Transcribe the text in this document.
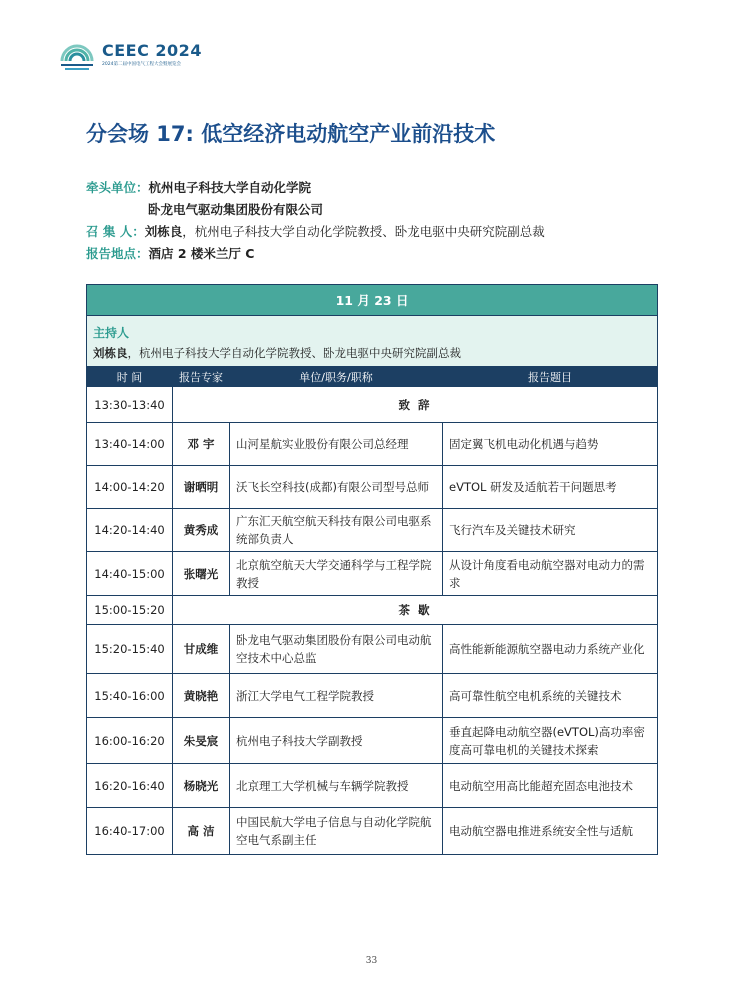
CEEC 2024
2024第二届中国电气工程大会暨展览会
分会场 17: 低空经济电动航空产业前沿技术
牵头单位：杭州电子科技大学自动化学院
卧龙电气驱动集团股份有限公司
召 集 人：刘栋良，杭州电子科技大学自动化学院教授、卧龙电驱中央研究院副总裁
报告地点：酒店 2 楼米兰厅 C
11 月 23 日			

主持人
刘栋良，杭州电子科技大学自动化学院教授、卧龙电驱中央研究院副总裁			

时 间	报告专家	单位/职务/职称	报告题目
13:30-13:40	致 辞		
13:40-14:00	邓 宇	山河星航实业股份有限公司总经理	固定翼飞机电动化机遇与趋势
14:00-14:20	谢晒明	沃飞长空科技(成都)有限公司型号总师	eVTOL 研发及适航若干问题思考
14:20-14:40	黄秀成	广东汇天航空航天科技有限公司电驱系统部负责人	飞行汽车及关键技术研究
14:40-15:00	张曙光	北京航空航天大学交通科学与工程学院教授	从设计角度看电动航空器对电动力的需求
15:00-15:20	茶 歇		
15:20-15:40	甘成维	卧龙电气驱动集团股份有限公司电动航空技术中心总监	高性能新能源航空器电动力系统产业化
15:40-16:00	黄晓艳	浙江大学电气工程学院教授	高可靠性航空电机系统的关键技术
16:00-16:20	朱旻宸	杭州电子科技大学副教授	垂直起降电动航空器(eVTOL)高功率密度高可靠电机的关键技术探索
16:20-16:40	杨晓光	北京理工大学机械与车辆学院教授	电动航空用高比能超充固态电池技术
16:40-17:00	高 洁	中国民航大学电子信息与自动化学院航空电气系副主任	电动航空器电推进系统安全性与适航
33
